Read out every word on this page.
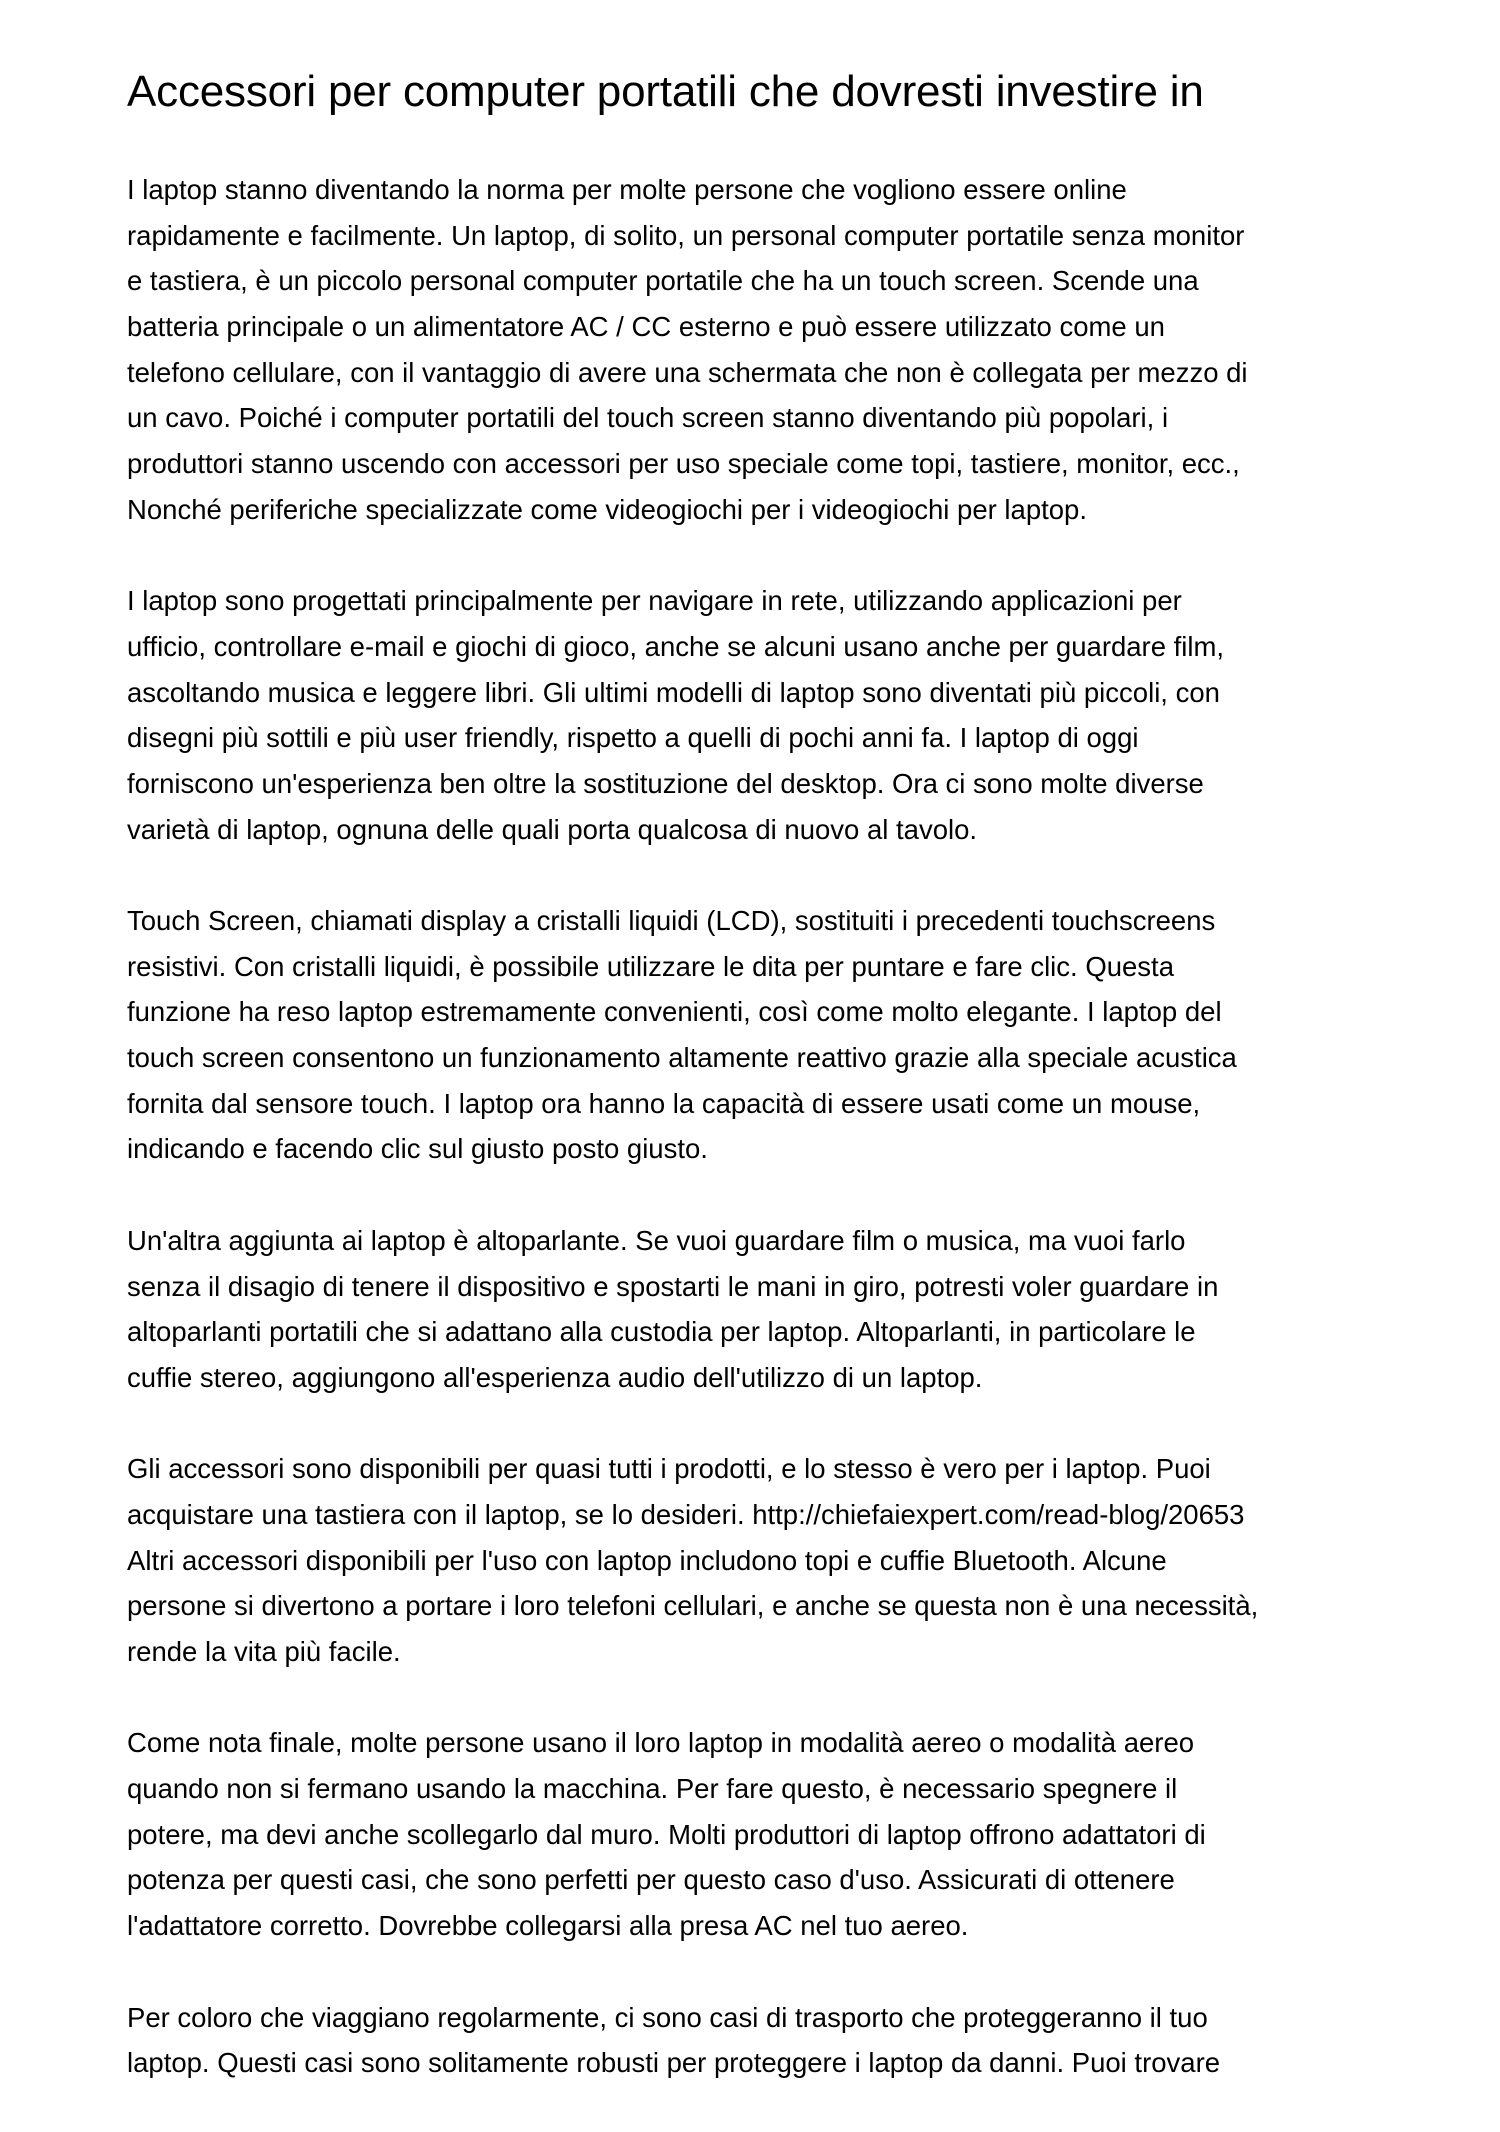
Accessori per computer portatili che dovresti investire in

I laptop stanno diventando la norma per molte persone che vogliono essere online
rapidamente e facilmente. Un laptop, di solito, un personal computer portatile senza monitor
e tastiera, è un piccolo personal computer portatile che ha un touch screen. Scende una
batteria principale o un alimentatore AC / CC esterno e può essere utilizzato come un
telefono cellulare, con il vantaggio di avere una schermata che non è collegata per mezzo di
un cavo. Poiché i computer portatili del touch screen stanno diventando più popolari, i
produttori stanno uscendo con accessori per uso speciale come topi, tastiere, monitor, ecc.,
Nonché periferiche specializzate come videogiochi per i videogiochi per laptop.

I laptop sono progettati principalmente per navigare in rete, utilizzando applicazioni per
ufficio, controllare e-mail e giochi di gioco, anche se alcuni usano anche per guardare film,
ascoltando musica e leggere libri. Gli ultimi modelli di laptop sono diventati più piccoli, con
disegni più sottili e più user friendly, rispetto a quelli di pochi anni fa. I laptop di oggi
forniscono un'esperienza ben oltre la sostituzione del desktop. Ora ci sono molte diverse
varietà di laptop, ognuna delle quali porta qualcosa di nuovo al tavolo.

Touch Screen, chiamati display a cristalli liquidi (LCD), sostituiti i precedenti touchscreens
resistivi. Con cristalli liquidi, è possibile utilizzare le dita per puntare e fare clic. Questa
funzione ha reso laptop estremamente convenienti, così come molto elegante. I laptop del
touch screen consentono un funzionamento altamente reattivo grazie alla speciale acustica
fornita dal sensore touch. I laptop ora hanno la capacità di essere usati come un mouse,
indicando e facendo clic sul giusto posto giusto.

Un'altra aggiunta ai laptop è altoparlante. Se vuoi guardare film o musica, ma vuoi farlo
senza il disagio di tenere il dispositivo e spostarti le mani in giro, potresti voler guardare in
altoparlanti portatili che si adattano alla custodia per laptop. Altoparlanti, in particolare le
cuffie stereo, aggiungono all'esperienza audio dell'utilizzo di un laptop.

Gli accessori sono disponibili per quasi tutti i prodotti, e lo stesso è vero per i laptop. Puoi
acquistare una tastiera con il laptop, se lo desideri. http://chiefaiexpert.com/read-blog/20653
Altri accessori disponibili per l'uso con laptop includono topi e cuffie Bluetooth. Alcune
persone si divertono a portare i loro telefoni cellulari, e anche se questa non è una necessità,
rende la vita più facile.

Come nota finale, molte persone usano il loro laptop in modalità aereo o modalità aereo
quando non si fermano usando la macchina. Per fare questo, è necessario spegnere il
potere, ma devi anche scollegarlo dal muro. Molti produttori di laptop offrono adattatori di
potenza per questi casi, che sono perfetti per questo caso d'uso. Assicurati di ottenere
l'adattatore corretto. Dovrebbe collegarsi alla presa AC nel tuo aereo.

Per coloro che viaggiano regolarmente, ci sono casi di trasporto che proteggeranno il tuo
laptop. Questi casi sono solitamente robusti per proteggere i laptop da danni. Puoi trovare
